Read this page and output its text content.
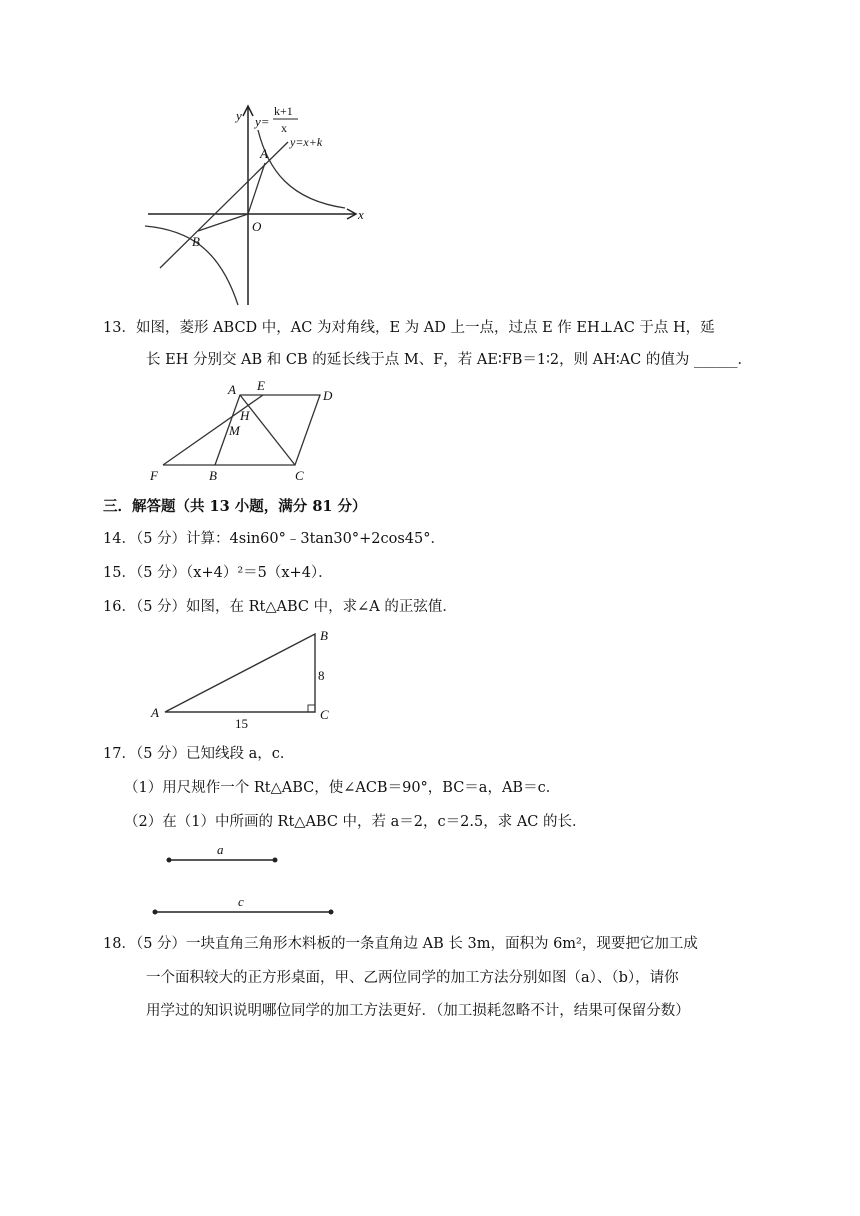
y
x
O
A
B
y=
k+1
x
y=x+k
13．如图，菱形 ABCD 中，AC 为对角线，E 为 AD 上一点，过点 E 作 EH⊥AC 于点 H，延
长 EH 分别交 AB 和 CB 的延长线于点 M、F，若 AE∶FB＝1∶2，则 AH∶AC 的值为 ______．
A E
D
H
M
F	B	C
三．解答题（共 13 小题，满分 81 分）
14．（5 分）计算：4sin60°﹣3tan30°+2cos45°．
15．（5 分）（x+4）²＝5（x+4）．
16．（5 分）如图，在 Rt△ABC 中，求∠A 的正弦值．
A
B
C
8
15
17．（5 分）已知线段 a，c．
（1）用尺规作一个 Rt△ABC，使∠ACB＝90°，BC＝a，AB＝c．
（2）在（1）中所画的 Rt△ABC 中，若 a＝2，c＝2.5，求 AC 的长．
a
c
18．（5 分）一块直角三角形木料板的一条直角边 AB 长 3m，面积为 6m²，现要把它加工成
一个面积较大的正方形桌面，甲、乙两位同学的加工方法分别如图（a）、（b），请你
用学过的知识说明哪位同学的加工方法更好．（加工损耗忽略不计，结果可保留分数）
